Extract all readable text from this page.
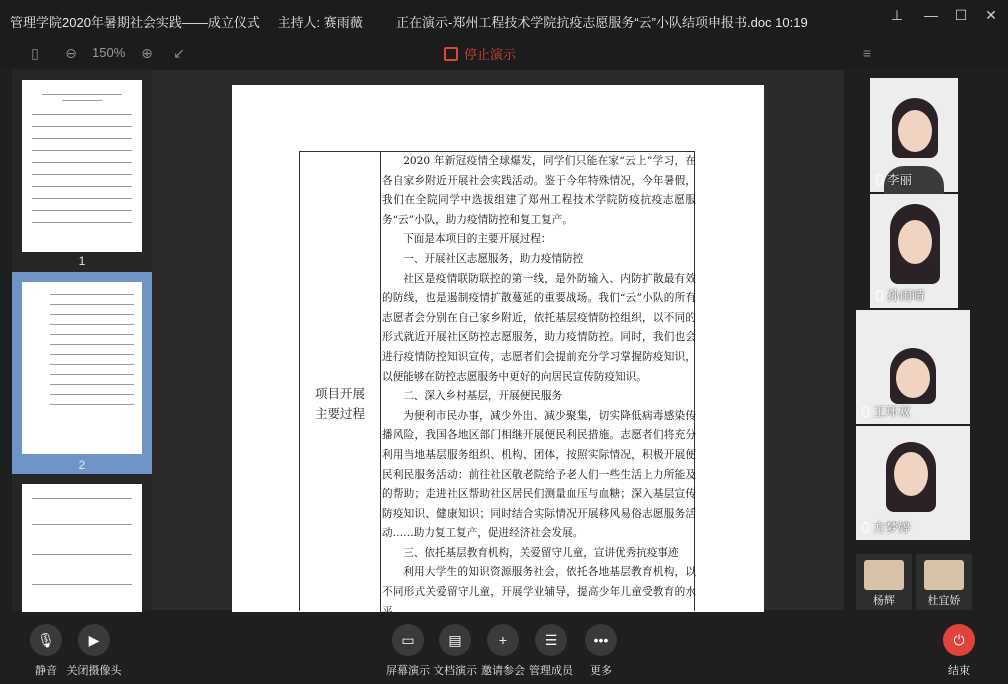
管理学院2020年暑期社会实践——成立仪式 主持人: 赛雨薇	正在演示-郑州工程技术学院抗疫志愿服务“云”小队结项申报书.doc 10:19	⊥ — ☐ ✕
▯	⊖ 150% ⊕ ↙	停止演示	≡
1
2
项目开展
主要过程

2020 年新冠疫情全球爆发，同学们只能在家“云上”学习，在各自家乡附近开展社会实践活动。鉴于今年特殊情况，今年暑假，我们在全院同学中选拔组建了郑州工程技术学院防疫抗疫志愿服务“云”小队，助力疫情防控和复工复产。

下面是本项目的主要开展过程：

一、开展社区志愿服务，助力疫情防控

社区是疫情联防联控的第一线，是外防输入、内防扩散最有效的防线，也是遏制疫情扩散蔓延的重要战场。我们“云”小队的所有志愿者会分别在自己家乡附近，依托基层疫情防控组织，以不同的形式就近开展社区防控志愿服务，助力疫情防控。同时，我们也会进行疫情防控知识宣传，志愿者们会提前充分学习掌握防疫知识，以便能够在防控志愿服务中更好的向居民宣传防疫知识。

二、深入乡村基层，开展便民服务

为便利市民办事，减少外出、减少聚集，切实降低病毒感染传播风险，我国各地区部门相继开展便民利民措施。志愿者们将充分利用当地基层服务组织、机构、团体，按照实际情况，积极开展便民利民服务活动：前往社区敬老院给予老人们一些生活上力所能及的帮助；走进社区帮助社区居民们测量血压与血糖；深入基层宣传防疫知识、健康知识；同时结合实际情况开展移风易俗志愿服务活动……助力复工复产，促进经济社会发展。

三、依托基层教育机构，关爱留守儿童，宣讲优秀抗疫事迹

利用大学生的知识资源服务社会，依托各地基层教育机构，以不同形式关爱留守儿童，开展学业辅导，提高少年儿童受教育的水

李丽
孙雨晴
王环双
方梦婷
杨辉	杜宜娇
🎙
静音
▶
关闭摄像头
▭
屏幕演示
▤
文档演示
+
邀请参会
☰
管理成员
•••
更多
⏻
结束
